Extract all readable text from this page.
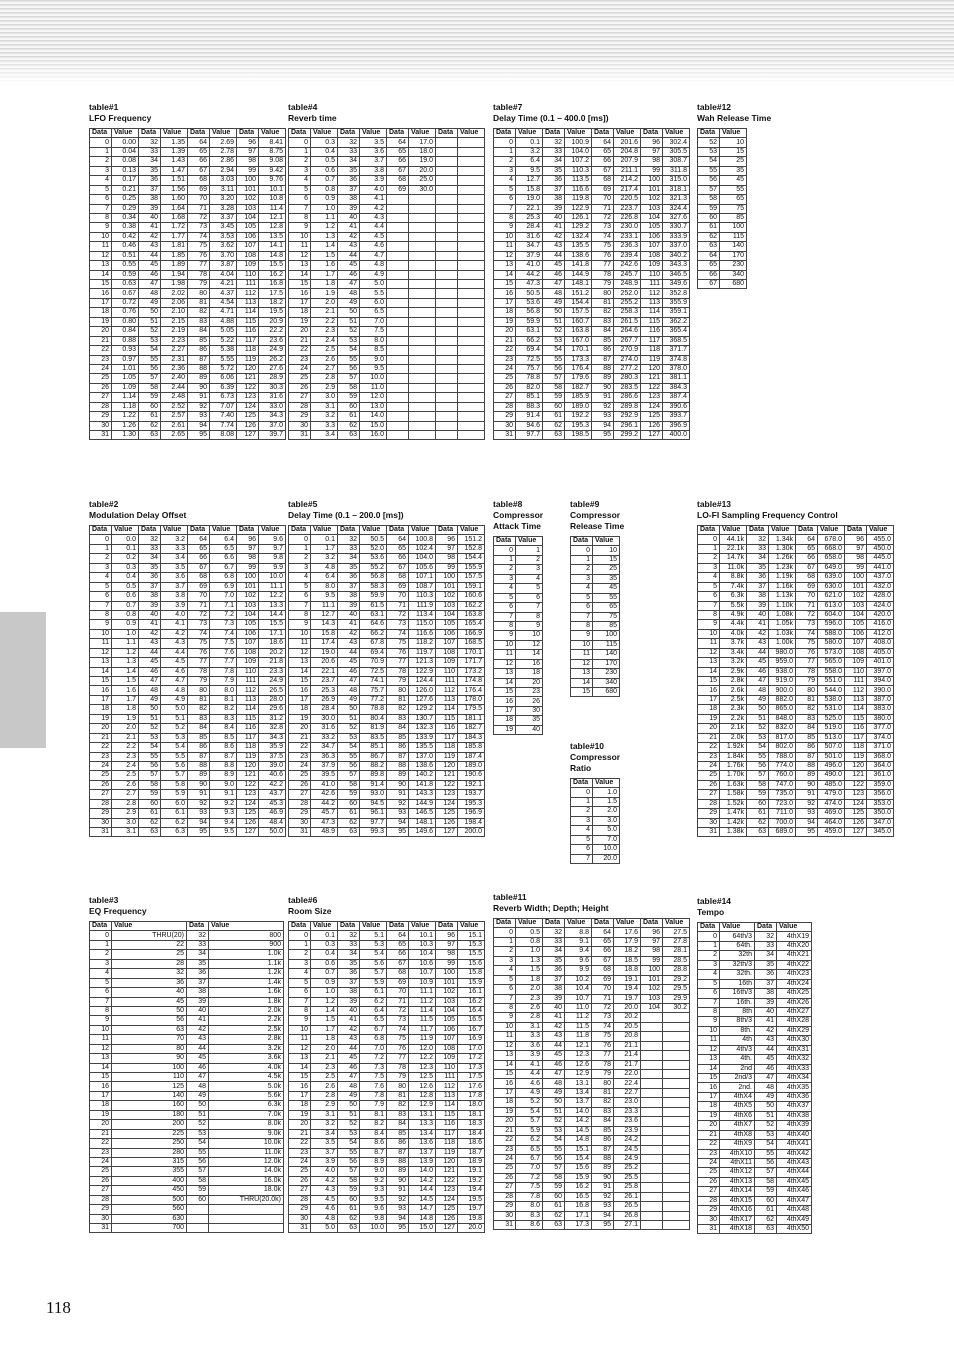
table#1
LFO Frequency
Data	Value	Data	Value	Data	Value	Data	Value
0	0.00	32	1.35	64	2.69	96	8.41
1	0.04	33	1.39	65	2.78	97	8.75
2	0.08	34	1.43	66	2.86	98	9.08
3	0.13	35	1.47	67	2.94	99	9.42
4	0.17	36	1.51	68	3.03	100	9.76
5	0.21	37	1.56	69	3.11	101	10.1
6	0.25	38	1.60	70	3.20	102	10.8
7	0.29	39	1.64	71	3.28	103	11.4
8	0.34	40	1.68	72	3.37	104	12.1
9	0.38	41	1.72	73	3.45	105	12.8
10	0.42	42	1.77	74	3.53	106	13.5
11	0.46	43	1.81	75	3.62	107	14.1
12	0.51	44	1.85	76	3.70	108	14.8
13	0.55	45	1.89	77	3.87	109	15.5
14	0.59	46	1.94	78	4.04	110	16.2
15	0.63	47	1.98	79	4.21	111	16.8
16	0.67	48	2.02	80	4.37	112	17.5
17	0.72	49	2.06	81	4.54	113	18.2
18	0.76	50	2.10	82	4.71	114	19.5
19	0.80	51	2.15	83	4.88	115	20.9
20	0.84	52	2.19	84	5.05	116	22.2
21	0.88	53	2.23	85	5.22	117	23.6
22	0.93	54	2.27	86	5.38	118	24.9
23	0.97	55	2.31	87	5.55	119	26.2
24	1.01	56	2.36	88	5.72	120	27.6
25	1.05	57	2.40	89	6.06	121	28.9
26	1.09	58	2.44	90	6.39	122	30.3
27	1.14	59	2.48	91	6.73	123	31.6
28	1.18	60	2.52	92	7.07	124	33.0
29	1.22	61	2.57	93	7.40	125	34.3
30	1.26	62	2.61	94	7.74	126	37.0
31	1.30	63	2.65	95	8.08	127	39.7
table#4
Reverb time
Data	Value	Data	Value	Data	Value	Data	Value
0	0.3	32	3.5	64	17.0		
1	0.4	33	3.6	65	18.0		
2	0.5	34	3.7	66	19.0		
3	0.6	35	3.8	67	20.0		
4	0.7	36	3.9	68	25.0		
5	0.8	37	4.0	69	30.0		
6	0.9	38	4.1				
7	1.0	39	4.2				
8	1.1	40	4.3				
9	1.2	41	4.4				
10	1.3	42	4.5				
11	1.4	43	4.6				
12	1.5	44	4.7				
13	1.6	45	4.8				
14	1.7	46	4.9				
15	1.8	47	5.0				
16	1.9	48	5.5				
17	2.0	49	6.0				
18	2.1	50	6.5				
19	2.2	51	7.0				
20	2.3	52	7.5				
21	2.4	53	8.0				
22	2.5	54	8.5				
23	2.6	55	9.0				
24	2.7	56	9.5				
25	2.8	57	10.0				
26	2.9	58	11.0				
27	3.0	59	12.0				
28	3.1	60	13.0				
29	3.2	61	14.0				
30	3.3	62	15.0				
31	3.4	63	16.0				
table#7
Delay Time (0.1 – 400.0 [ms])
Data	Value	Data	Value	Data	Value	Data	Value
0	0.1	32	100.9	64	201.6	96	302.4
1	3.2	33	104.0	65	204.8	97	305.5
2	6.4	34	107.2	66	207.9	98	308.7
3	9.5	35	110.3	67	211.1	99	311.8
4	12.7	36	113.5	68	214.2	100	315.0
5	15.8	37	116.6	69	217.4	101	318.1
6	19.0	38	119.8	70	220.5	102	321.3
7	22.1	39	122.9	71	223.7	103	324.4
8	25.3	40	126.1	72	226.8	104	327.6
9	28.4	41	129.2	73	230.0	105	330.7
10	31.6	42	132.4	74	233.1	106	333.9
11	34.7	43	135.5	75	236.3	107	337.0
12	37.9	44	138.6	76	239.4	108	340.2
13	41.0	45	141.8	77	242.6	109	343.3
14	44.2	46	144.9	78	245.7	110	346.5
15	47.3	47	148.1	79	248.9	111	349.6
16	50.5	48	151.2	80	252.0	112	352.8
17	53.6	49	154.4	81	255.2	113	355.9
18	56.8	50	157.5	82	258.3	114	359.1
19	59.9	51	160.7	83	261.5	115	362.2
20	63.1	52	163.8	84	264.6	116	365.4
21	66.2	53	167.0	85	267.7	117	368.5
22	69.4	54	170.1	86	270.9	118	371.7
23	72.5	55	173.3	87	274.0	119	374.8
24	75.7	56	176.4	88	277.2	120	378.0
25	78.8	57	179.6	89	280.3	121	381.1
26	82.0	58	182.7	90	283.5	122	384.3
27	85.1	59	185.9	91	286.6	123	387.4
28	88.3	60	189.0	92	289.8	124	390.6
29	91.4	61	192.2	93	292.9	125	393.7
30	94.6	62	195.3	94	296.1	126	396.9
31	97.7	63	198.5	95	299.2	127	400.0
table#12
Wah Release Time
Data	Value
52	10
53	15
54	25
55	35
56	45
57	55
58	65
59	75
60	85
61	100
62	115
63	140
64	170
65	230
66	340
67	680
table#2
Modulation Delay Offset
Data	Value	Data	Value	Data	Value	Data	Value
0	0.0	32	3.2	64	6.4	96	9.6
1	0.1	33	3.3	65	6.5	97	9.7
2	0.2	34	3.4	66	6.6	98	9.8
3	0.3	35	3.5	67	6.7	99	9.9
4	0.4	36	3.6	68	6.8	100	10.0
5	0.5	37	3.7	69	6.9	101	11.1
6	0.6	38	3.8	70	7.0	102	12.2
7	0.7	39	3.9	71	7.1	103	13.3
8	0.8	40	4.0	72	7.2	104	14.4
9	0.9	41	4.1	73	7.3	105	15.5
10	1.0	42	4.2	74	7.4	106	17.1
11	1.1	43	4.3	75	7.5	107	18.6
12	1.2	44	4.4	76	7.6	108	20.2
13	1.3	45	4.5	77	7.7	109	21.8
14	1.4	46	4.6	78	7.8	110	23.3
15	1.5	47	4.7	79	7.9	111	24.9
16	1.6	48	4.8	80	8.0	112	26.5
17	1.7	49	4.9	81	8.1	113	28.0
18	1.8	50	5.0	82	8.2	114	29.6
19	1.9	51	5.1	83	8.3	115	31.2
20	2.0	52	5.2	84	8.4	116	32.8
21	2.1	53	5.3	85	8.5	117	34.3
22	2.2	54	5.4	86	8.6	118	35.9
23	2.3	55	5.5	87	8.7	119	37.5
24	2.4	56	5.6	88	8.8	120	39.0
25	2.5	57	5.7	89	8.9	121	40.6
26	2.6	58	5.8	90	9.0	122	42.2
27	2.7	59	5.9	91	9.1	123	43.7
28	2.8	60	6.0	92	9.2	124	45.3
29	2.9	61	6.1	93	9.3	125	46.9
30	3.0	62	6.2	94	9.4	126	48.4
31	3.1	63	6.3	95	9.5	127	50.0
table#5
Delay Time (0.1 – 200.0 [ms])
Data	Value	Data	Value	Data	Value	Data	Value
0	0.1	32	50.5	64	100.8	96	151.2
1	1.7	33	52.0	65	102.4	97	152.8
2	3.2	34	53.6	66	104.0	98	154.4
3	4.8	35	55.2	67	105.6	99	155.9
4	6.4	36	56.8	68	107.1	100	157.5
5	8.0	37	58.3	69	108.7	101	159.1
6	9.5	38	59.9	70	110.3	102	160.6
7	11.1	39	61.5	71	111.9	103	162.2
8	12.7	40	63.1	72	113.4	104	163.8
9	14.3	41	64.6	73	115.0	105	165.4
10	15.8	42	66.2	74	116.6	106	166.9
11	17.4	43	67.8	75	118.2	107	168.5
12	19.0	44	69.4	76	119.7	108	170.1
13	20.6	45	70.9	77	121.3	109	171.7
14	22.1	46	72.5	78	122.9	110	173.2
15	23.7	47	74.1	79	124.4	111	174.8
16	25.3	48	75.7	80	126.0	112	176.4
17	26.9	49	77.2	81	127.6	113	178.0
18	28.4	50	78.8	82	129.2	114	179.5
19	30.0	51	80.4	83	130.7	115	181.1
20	31.6	52	81.9	84	132.3	116	182.7
21	33.2	53	83.5	85	133.9	117	184.3
22	34.7	54	85.1	86	135.5	118	185.8
23	36.3	55	86.7	87	137.0	119	187.4
24	37.9	56	88.2	88	138.6	120	189.0
25	39.5	57	89.8	89	140.2	121	190.6
26	41.0	58	91.4	90	141.8	122	192.1
27	42.6	59	93.0	91	143.3	123	193.7
28	44.2	60	94.5	92	144.9	124	195.3
29	45.7	61	96.1	93	146.5	125	196.9
30	47.3	62	97.7	94	148.1	126	198.4
31	48.9	63	99.3	95	149.6	127	200.0
table#8
Compressor
Attack Time
Data	Value
0	1
1	2
2	3
3	4
4	5
5	6
6	7
7	8
8	9
9	10
10	12
11	14
12	16
13	18
14	20
15	23
16	26
17	30
18	35
19	40
table#9
Compressor
Release Time
Data	Value
0	10
1	15
2	25
3	35
4	45
5	55
6	65
7	75
8	85
9	100
10	115
11	140
12	170
13	230
14	340
15	680
table#10
Compressor
Ratio
Data	Value
0	1.0
1	1.5
2	2.0
3	3.0
4	5.0
5	7.0
6	10.0
7	20.0
table#13
LO-FI Sampling Frequency Control
Data	Value	Data	Value	Data	Value	Data	Value
0	44.1k	32	1.34k	64	678.0	96	455.0
1	22.1k	33	1.30k	65	668.0	97	450.0
2	14.7k	34	1.26k	66	658.0	98	445.0
3	11.0k	35	1.23k	67	649.0	99	441.0
4	8.8k	36	1.19k	68	639.0	100	437.0
5	7.4k	37	1.16k	69	630.0	101	432.0
6	6.3k	38	1.13k	70	621.0	102	428.0
7	5.5k	39	1.10k	71	613.0	103	424.0
8	4.9k	40	1.08k	72	604.0	104	420.0
9	4.4k	41	1.05k	73	596.0	105	416.0
10	4.0k	42	1.03k	74	588.0	106	412.0
11	3.7k	43	1.00k	75	580.0	107	408.0
12	3.4k	44	980.0	76	573.0	108	405.0
13	3.2k	45	959.0	77	565.0	109	401.0
14	2.9k	46	938.0	78	558.0	110	397.0
15	2.8k	47	919.0	79	551.0	111	394.0
16	2.6k	48	900.0	80	544.0	112	390.0
17	2.5k	49	882.0	81	538.0	113	387.0
18	2.3k	50	865.0	82	531.0	114	383.0
19	2.2k	51	848.0	83	525.0	115	380.0
20	2.1k	52	832.0	84	519.0	116	377.0
21	2.0k	53	817.0	85	513.0	117	374.0
22	1.92k	54	802.0	86	507.0	118	371.0
23	1.84k	55	788.0	87	501.0	119	368.0
24	1.76k	56	774.0	88	496.0	120	364.0
25	1.70k	57	760.0	89	490.0	121	361.0
26	1.63k	58	747.0	90	485.0	122	359.0
27	1.58k	59	735.0	91	479.0	123	356.0
28	1.52k	60	723.0	92	474.0	124	353.0
29	1.47k	61	711.0	93	469.0	125	350.0
30	1.42k	62	700.0	94	464.0	126	347.0
31	1.38k	63	689.0	95	459.0	127	345.0
table#3
EQ Frequency
Data	Value	Data	Value
0	THRU(20)	32	800
1	22	33	900
2	25	34	1.0k
3	28	35	1.1k
4	32	36	1.2k
5	36	37	1.4k
6	40	38	1.6k
7	45	39	1.8k
8	50	40	2.0k
9	56	41	2.2k
10	63	42	2.5k
11	70	43	2.8k
12	80	44	3.2k
13	90	45	3.6k
14	100	46	4.0k
15	110	47	4.5k
16	125	48	5.0k
17	140	49	5.6k
18	160	50	6.3k
19	180	51	7.0k
20	200	52	8.0k
21	225	53	9.0k
22	250	54	10.0k
23	280	55	11.0k
24	315	56	12.0k
25	355	57	14.0k
26	400	58	16.0k
27	450	59	18.0k
28	500	60	THRU(20.0k)
29	560		
30	630		
31	700		
table#6
Room Size
Data	Value	Data	Value	Data	Value	Data	Value
0	0.1	32	5.1	64	10.1	96	15.1
1	0.3	33	5.3	65	10.3	97	15.3
2	0.4	34	5.4	66	10.4	98	15.5
3	0.6	35	5.6	67	10.6	99	15.6
4	0.7	36	5.7	68	10.7	100	15.8
5	0.9	37	5.9	69	10.9	101	15.9
6	1.0	38	6.1	70	11.1	102	16.1
7	1.2	39	6.2	71	11.2	103	16.2
8	1.4	40	6.4	72	11.4	104	16.4
9	1.5	41	6.5	73	11.5	105	16.5
10	1.7	42	6.7	74	11.7	106	16.7
11	1.8	43	6.8	75	11.9	107	16.9
12	2.0	44	7.0	76	12.0	108	17.0
13	2.1	45	7.2	77	12.2	109	17.2
14	2.3	46	7.3	78	12.3	110	17.3
15	2.5	47	7.5	79	12.5	111	17.5
16	2.6	48	7.6	80	12.6	112	17.6
17	2.8	49	7.8	81	12.8	113	17.8
18	2.9	50	7.9	82	12.9	114	18.0
19	3.1	51	8.1	83	13.1	115	18.1
20	3.2	52	8.2	84	13.3	116	18.3
21	3.4	53	8.4	85	13.4	117	18.4
22	3.5	54	8.6	86	13.6	118	18.6
23	3.7	55	8.7	87	13.7	119	18.7
24	3.9	56	8.9	88	13.9	120	18.9
25	4.0	57	9.0	89	14.0	121	19.1
26	4.2	58	9.2	90	14.2	122	19.2
27	4.3	59	9.3	91	14.4	123	19.4
28	4.5	60	9.5	92	14.5	124	19.5
29	4.6	61	9.6	93	14.7	125	19.7
30	4.8	62	9.8	94	14.8	126	19.8
31	5.0	63	10.0	95	15.0	127	20.0
table#11
Reverb Width; Depth; Height
Data	Value	Data	Value	Data	Value	Data	Value
0	0.5	32	8.8	64	17.6	96	27.5
1	0.8	33	9.1	65	17.9	97	27.8
2	1.0	34	9.4	66	18.2	98	28.1
3	1.3	35	9.6	67	18.5	99	28.5
4	1.5	36	9.9	68	18.8	100	28.8
5	1.8	37	10.2	69	19.1	101	29.2
6	2.0	38	10.4	70	19.4	102	29.5
7	2.3	39	10.7	71	19.7	103	29.9
8	2.6	40	11.0	72	20.0	104	30.2
9	2.8	41	11.2	73	20.2		
10	3.1	42	11.5	74	20.5		
11	3.3	43	11.8	75	20.8		
12	3.6	44	12.1	76	21.1		
13	3.9	45	12.3	77	21.4		
14	4.1	46	12.6	78	21.7		
15	4.4	47	12.9	79	22.0		
16	4.6	48	13.1	80	22.4		
17	4.9	49	13.4	81	22.7		
18	5.2	50	13.7	82	23.0		
19	5.4	51	14.0	83	23.3		
20	5.7	52	14.2	84	23.6		
21	5.9	53	14.5	85	23.9		
22	6.2	54	14.8	86	24.2		
23	6.5	55	15.1	87	24.5		
24	6.7	56	15.4	88	24.9		
25	7.0	57	15.6	89	25.2		
26	7.2	58	15.9	90	25.5		
27	7.5	59	16.2	91	25.8		
28	7.8	60	16.5	92	26.1		
29	8.0	61	16.8	93	26.5		
30	8.3	62	17.1	94	26.8		
31	8.6	63	17.3	95	27.1		
table#14
Tempo
Data	Value	Data	Value
0	64th/3	32	4thX19
1	64th.	33	4thX20
2	32th	34	4thX21
3	32th/3	35	4thX22
4	32th.	36	4thX23
5	16th	37	4thX24
6	16th/3	38	4thX25
7	16th.	39	4thX26
8	8th	40	4thX27
9	8th/3	41	4thX28
10	8th.	42	4thX29
11	4th	43	4thX30
12	4th/3	44	4thX31
13	4th.	45	4thX32
14	2nd	46	4thX33
15	2nd/3	47	4thX34
16	2nd.	48	4thX35
17	4thX4	49	4thX36
18	4thX5	50	4thX37
19	4thX6	51	4thX38
20	4thX7	52	4thX39
21	4thX8	53	4thX40
22	4thX9	54	4thX41
23	4thX10	55	4thX42
24	4thX11	56	4thX43
25	4thX12	57	4thX44
26	4thX13	58	4thX45
27	4thX14	59	4thX46
28	4thX15	60	4thX47
29	4thX16	61	4thX48
30	4thX17	62	4thX49
31	4thX18	63	4thX50
118
